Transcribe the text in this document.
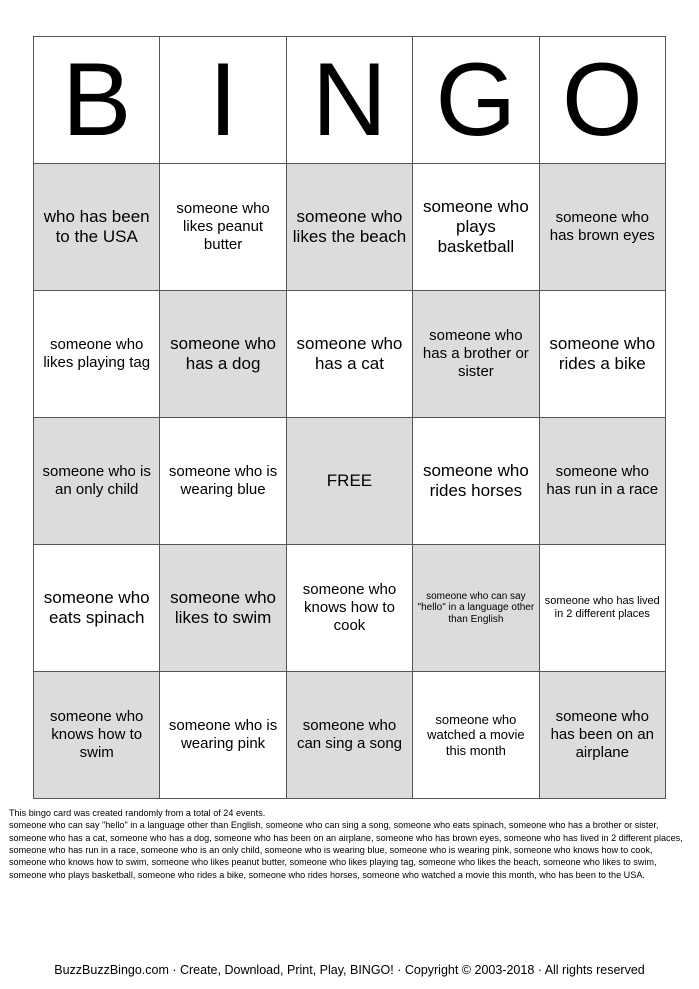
B	I	N	G	O
who has been to the USA	someone who likes peanut butter	someone who likes the beach	someone who plays basketball	someone who has brown eyes
someone who likes playing tag	someone who has a dog	someone who has a cat	someone who has a brother or sister	someone who rides a bike
someone who is an only child	someone who is wearing blue	FREE	someone who rides horses	someone who has run in a race
someone who eats spinach	someone who likes to swim	someone who knows how to cook	someone who can say "hello" in a language other than English	someone who has lived in 2 different places
someone who knows how to swim	someone who is wearing pink	someone who can sing a song	someone who watched a movie this month	someone who has been on an airplane

This bingo card was created randomly from a total of 24 events.

someone who can say "hello" in a language other than English, someone who can sing a song, someone who eats spinach, someone who has a brother or sister, someone who has a cat, someone who has a dog, someone who has been on an airplane, someone who has brown eyes, someone who has lived in 2 different places, someone who has run in a race, someone who is an only child, someone who is wearing blue, someone who is wearing pink, someone who knows how to cook, someone who knows how to swim, someone who likes peanut butter, someone who likes playing tag, someone who likes the beach, someone who likes to swim, someone who plays basketball, someone who rides a bike, someone who rides horses, someone who watched a movie this month, who has been to the USA.

BuzzBuzzBingo.com · Create, Download, Print, Play, BINGO! · Copyright © 2003-2018 · All rights reserved
